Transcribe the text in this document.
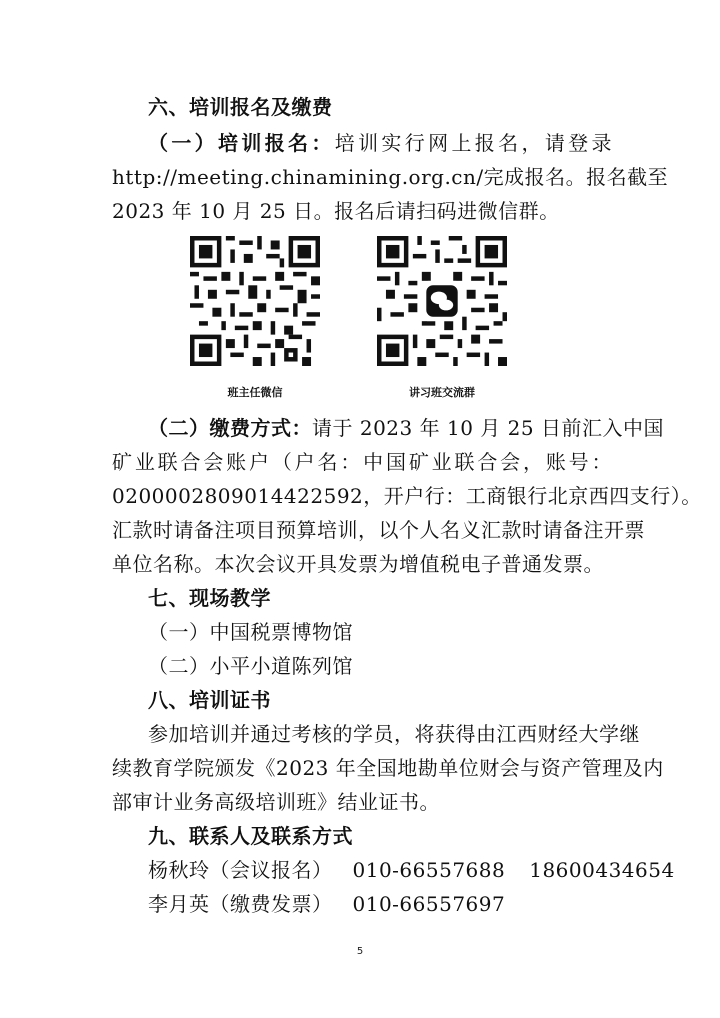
六、培训报名及缴费
（一）培训报名：培训实行网上报名，请登录
http://meeting.chinamining.org.cn/完成报名。报名截至
2023 年 10 月 25 日。报名后请扫码进微信群。
班主任微信	讲习班交流群
（二）缴费方式：请于 2023 年 10 月 25 日前汇入中国
矿业联合会账户（户名：中国矿业联合会，账号：
0200002809014422592，开户行：工商银行北京西四支行）。
汇款时请备注项目预算培训，以个人名义汇款时请备注开票
单位名称。本次会议开具发票为增值税电子普通发票。
七、现场教学
（一）中国税票博物馆
（二）小平小道陈列馆
八、培训证书
参加培训并通过考核的学员，将获得由江西财经大学继
续教育学院颁发《2023 年全国地勘单位财会与资产管理及内
部审计业务高级培训班》结业证书。
九、联系人及联系方式
杨秋玲（会议报名） 010-66557688 18600434654
李月英（缴费发票） 010-66557697
5
